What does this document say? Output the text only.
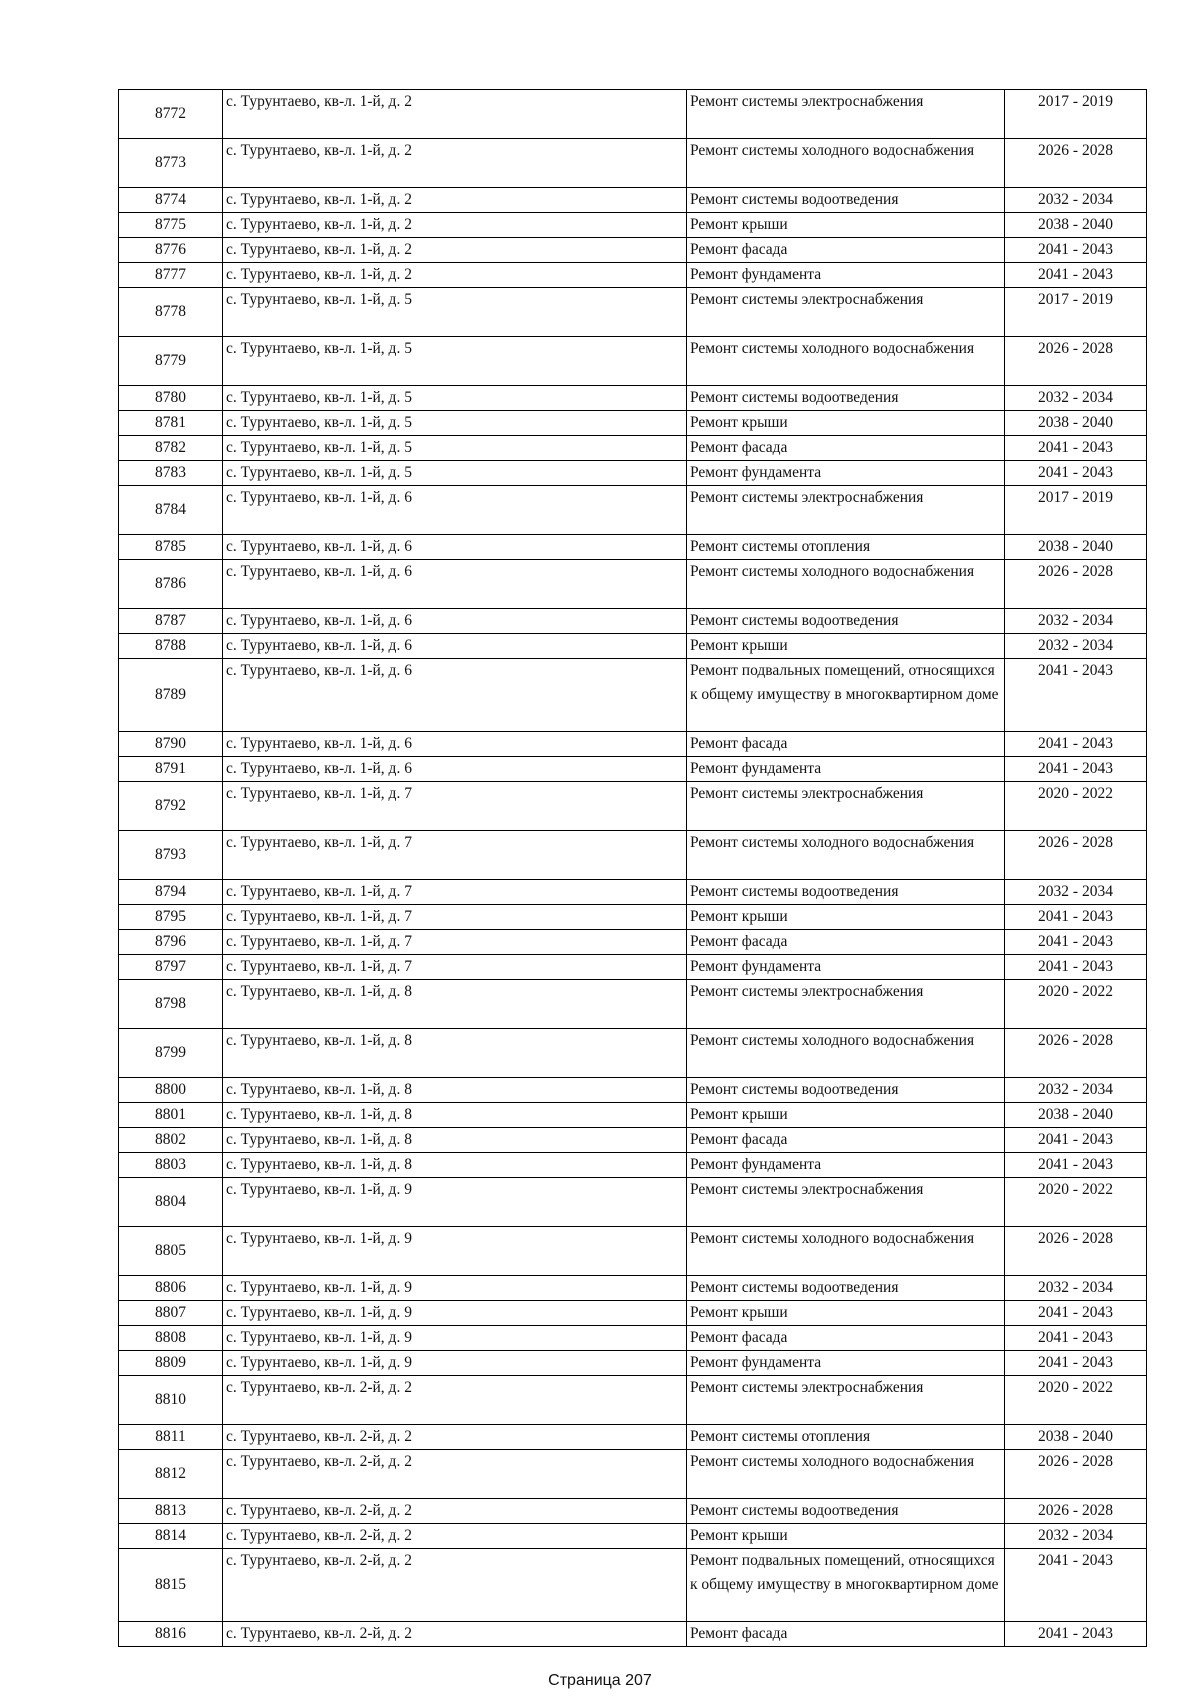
8772	с. Турунтаево, кв-л. 1-й, д. 2	Ремонт системы электроснабжения	2017 - 2019
8773	с. Турунтаево, кв-л. 1-й, д. 2	Ремонт системы холодного водоснабжения	2026 - 2028
8774	с. Турунтаево, кв-л. 1-й, д. 2	Ремонт системы водоотведения	2032 - 2034
8775	с. Турунтаево, кв-л. 1-й, д. 2	Ремонт крыши	2038 - 2040
8776	с. Турунтаево, кв-л. 1-й, д. 2	Ремонт фасада	2041 - 2043
8777	с. Турунтаево, кв-л. 1-й, д. 2	Ремонт фундамента	2041 - 2043
8778	с. Турунтаево, кв-л. 1-й, д. 5	Ремонт системы электроснабжения	2017 - 2019
8779	с. Турунтаево, кв-л. 1-й, д. 5	Ремонт системы холодного водоснабжения	2026 - 2028
8780	с. Турунтаево, кв-л. 1-й, д. 5	Ремонт системы водоотведения	2032 - 2034
8781	с. Турунтаево, кв-л. 1-й, д. 5	Ремонт крыши	2038 - 2040
8782	с. Турунтаево, кв-л. 1-й, д. 5	Ремонт фасада	2041 - 2043
8783	с. Турунтаево, кв-л. 1-й, д. 5	Ремонт фундамента	2041 - 2043
8784	с. Турунтаево, кв-л. 1-й, д. 6	Ремонт системы электроснабжения	2017 - 2019
8785	с. Турунтаево, кв-л. 1-й, д. 6	Ремонт системы отопления	2038 - 2040
8786	с. Турунтаево, кв-л. 1-й, д. 6	Ремонт системы холодного водоснабжения	2026 - 2028
8787	с. Турунтаево, кв-л. 1-й, д. 6	Ремонт системы водоотведения	2032 - 2034
8788	с. Турунтаево, кв-л. 1-й, д. 6	Ремонт крыши	2032 - 2034
8789	с. Турунтаево, кв-л. 1-й, д. 6	Ремонт подвальных помещений, относящихся к общему имуществу в многоквартирном доме	2041 - 2043
8790	с. Турунтаево, кв-л. 1-й, д. 6	Ремонт фасада	2041 - 2043
8791	с. Турунтаево, кв-л. 1-й, д. 6	Ремонт фундамента	2041 - 2043
8792	с. Турунтаево, кв-л. 1-й, д. 7	Ремонт системы электроснабжения	2020 - 2022
8793	с. Турунтаево, кв-л. 1-й, д. 7	Ремонт системы холодного водоснабжения	2026 - 2028
8794	с. Турунтаево, кв-л. 1-й, д. 7	Ремонт системы водоотведения	2032 - 2034
8795	с. Турунтаево, кв-л. 1-й, д. 7	Ремонт крыши	2041 - 2043
8796	с. Турунтаево, кв-л. 1-й, д. 7	Ремонт фасада	2041 - 2043
8797	с. Турунтаево, кв-л. 1-й, д. 7	Ремонт фундамента	2041 - 2043
8798	с. Турунтаево, кв-л. 1-й, д. 8	Ремонт системы электроснабжения	2020 - 2022
8799	с. Турунтаево, кв-л. 1-й, д. 8	Ремонт системы холодного водоснабжения	2026 - 2028
8800	с. Турунтаево, кв-л. 1-й, д. 8	Ремонт системы водоотведения	2032 - 2034
8801	с. Турунтаево, кв-л. 1-й, д. 8	Ремонт крыши	2038 - 2040
8802	с. Турунтаево, кв-л. 1-й, д. 8	Ремонт фасада	2041 - 2043
8803	с. Турунтаево, кв-л. 1-й, д. 8	Ремонт фундамента	2041 - 2043
8804	с. Турунтаево, кв-л. 1-й, д. 9	Ремонт системы электроснабжения	2020 - 2022
8805	с. Турунтаево, кв-л. 1-й, д. 9	Ремонт системы холодного водоснабжения	2026 - 2028
8806	с. Турунтаево, кв-л. 1-й, д. 9	Ремонт системы водоотведения	2032 - 2034
8807	с. Турунтаево, кв-л. 1-й, д. 9	Ремонт крыши	2041 - 2043
8808	с. Турунтаево, кв-л. 1-й, д. 9	Ремонт фасада	2041 - 2043
8809	с. Турунтаево, кв-л. 1-й, д. 9	Ремонт фундамента	2041 - 2043
8810	с. Турунтаево, кв-л. 2-й, д. 2	Ремонт системы электроснабжения	2020 - 2022
8811	с. Турунтаево, кв-л. 2-й, д. 2	Ремонт системы отопления	2038 - 2040
8812	с. Турунтаево, кв-л. 2-й, д. 2	Ремонт системы холодного водоснабжения	2026 - 2028
8813	с. Турунтаево, кв-л. 2-й, д. 2	Ремонт системы водоотведения	2026 - 2028
8814	с. Турунтаево, кв-л. 2-й, д. 2	Ремонт крыши	2032 - 2034
8815	с. Турунтаево, кв-л. 2-й, д. 2	Ремонт подвальных помещений, относящихся к общему имуществу в многоквартирном доме	2041 - 2043
8816	с. Турунтаево, кв-л. 2-й, д. 2	Ремонт фасада	2041 - 2043
Страница 207
